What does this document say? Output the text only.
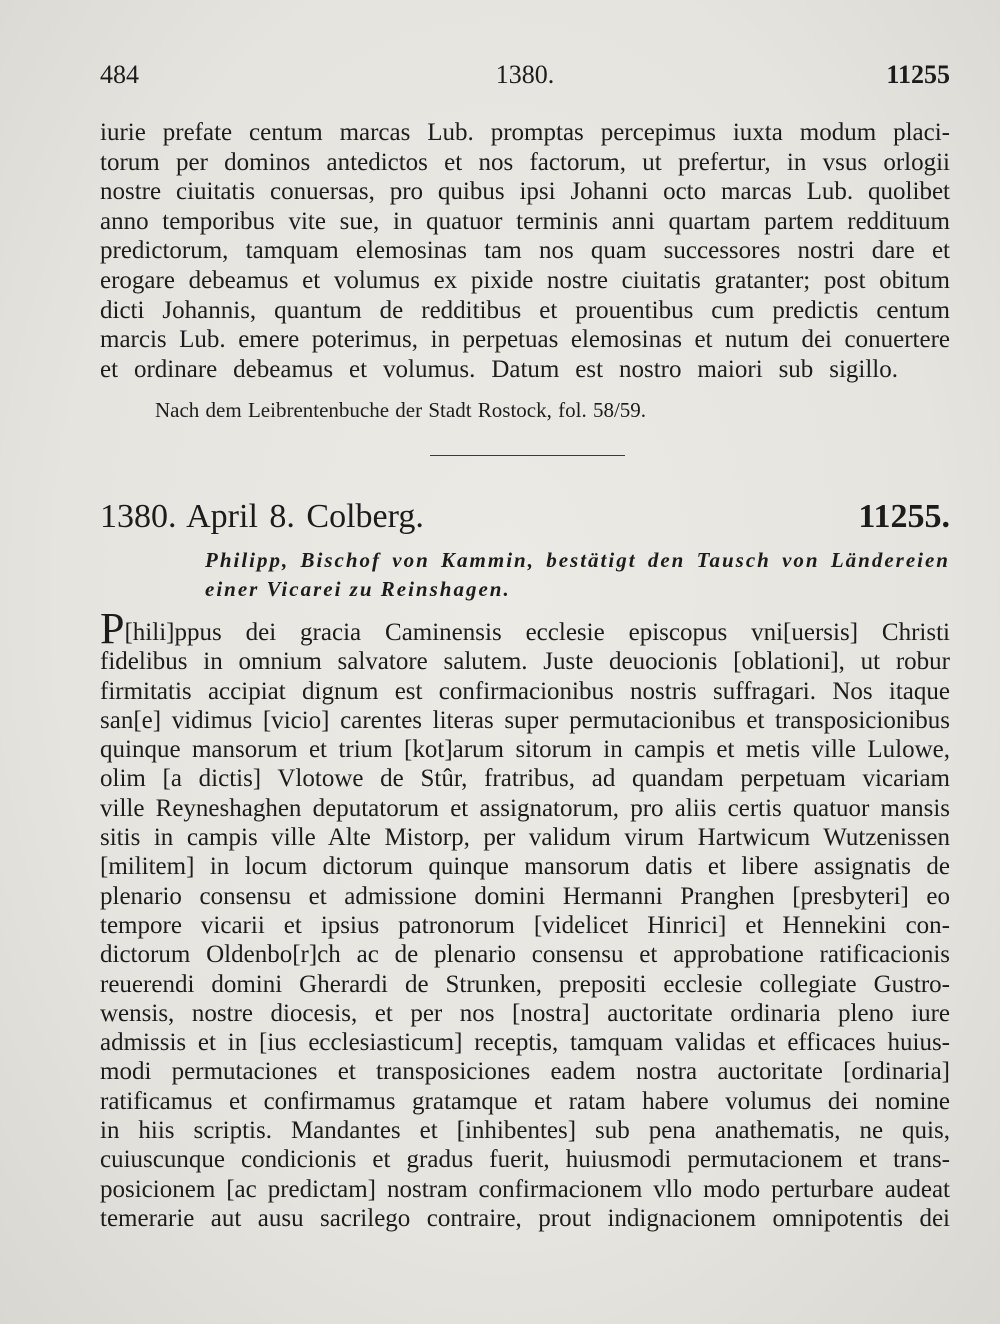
484	1380.	11255
iurie prefate centum marcas Lub. promptas percepimus iuxta modum placi-
torum per dominos antedictos et nos factorum, ut prefertur, in vsus orlogii
nostre ciuitatis conuersas, pro quibus ipsi Johanni octo marcas Lub. quolibet
anno temporibus vite sue, in quatuor terminis anni quartam partem reddituum
predictorum, tamquam elemosinas tam nos quam successores nostri dare et
erogare debeamus et volumus ex pixide nostre ciuitatis gratanter; post obitum
dicti Johannis, quantum de redditibus et prouentibus cum predictis centum
marcis Lub. emere poterimus, in perpetuas elemosinas et nutum dei conuertere
et ordinare debeamus et volumus. Datum est nostro maiori sub sigillo.
Nach dem Leibrentenbuche der Stadt Rostock, fol. 58/59.
1380. April 8. Colberg.	11255.
Philipp, Bischof von Kammin, bestätigt den Tausch von Ländereien
einer Vicarei zu Reinshagen.
P[hili]ppus dei gracia Caminensis ecclesie episcopus vni[uersis] Christi
fidelibus in omnium salvatore salutem. Juste deuocionis [oblationi], ut robur
firmitatis accipiat dignum est confirmacionibus nostris suffragari. Nos itaque
san[e] vidimus [vicio] carentes literas super permutacionibus et transposicionibus
quinque mansorum et trium [kot]arum sitorum in campis et metis ville Lulowe,
olim [a dictis] Vlotowe de Stûr, fratribus, ad quandam perpetuam vicariam
ville Reyneshaghen deputatorum et assignatorum, pro aliis certis quatuor mansis
sitis in campis ville Alte Mistorp, per validum virum Hartwicum Wutzenissen
[militem] in locum dictorum quinque mansorum datis et libere assignatis de
plenario consensu et admissione domini Hermanni Pranghen [presbyteri] eo
tempore vicarii et ipsius patronorum [videlicet Hinrici] et Hennekini con-
dictorum Oldenbo[r]ch ac de plenario consensu et approbatione ratificacionis
reuerendi domini Gherardi de Strunken, prepositi ecclesie collegiate Gustro-
wensis, nostre diocesis, et per nos [nostra] auctoritate ordinaria pleno iure
admissis et in [ius ecclesiasticum] receptis, tamquam validas et efficaces huius-
modi permutaciones et transposiciones eadem nostra auctoritate [ordinaria]
ratificamus et confirmamus gratamque et ratam habere volumus dei nomine
in hiis scriptis. Mandantes et [inhibentes] sub pena anathematis, ne quis,
cuiuscunque condicionis et gradus fuerit, huiusmodi permutacionem et trans-
posicionem [ac predictam] nostram confirmacionem vllo modo perturbare audeat
temerarie aut ausu sacrilego contraire, prout indignacionem omnipotentis dei
